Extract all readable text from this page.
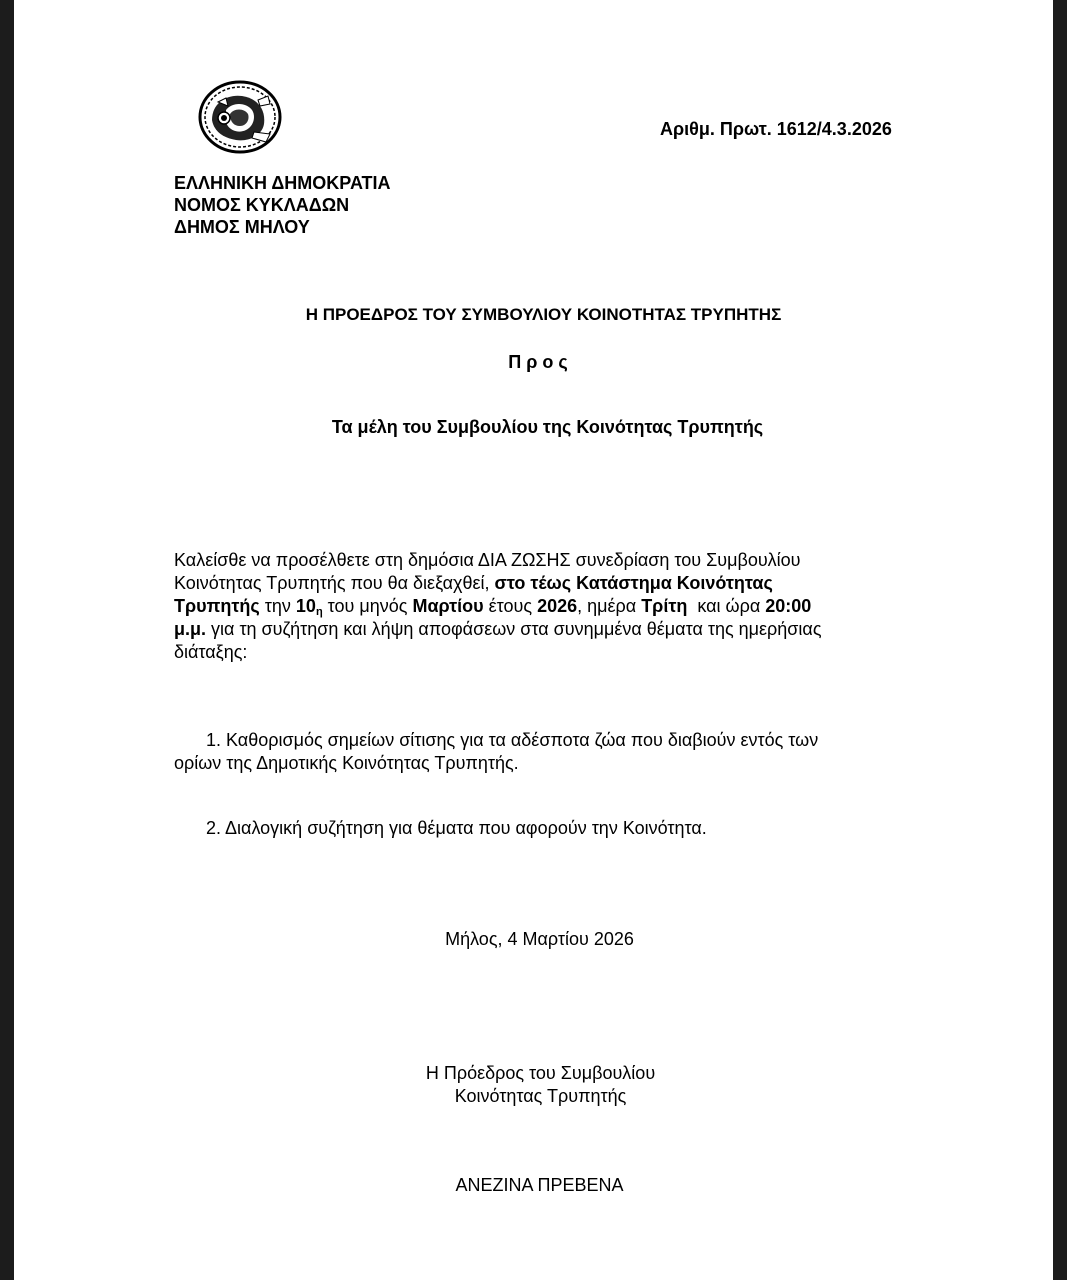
Αριθμ. Πρωτ. 1612/4.3.2026
ΕΛΛΗΝΙΚΗ ΔΗΜΟΚΡΑΤΙΑ
ΝΟΜΟΣ ΚΥΚΛΑΔΩΝ
ΔΗΜΟΣ ΜΗΛΟΥ
Η ΠΡΟΕΔΡΟΣ ΤΟΥ ΣΥΜΒΟΥΛΙΟΥ ΚΟΙΝΟΤΗΤΑΣ ΤΡΥΠΗΤΗΣ
Προς
Τα μέλη του Συμβουλίου της Κοινότητας Τρυπητής
Καλείσθε να προσέλθετε στη δημόσια ΔΙΑ ΖΩΣΗΣ συνεδρίαση του Συμβουλίου
Κοινότητας Τρυπητής που θα διεξαχθεί, στο τέως Κατάστημα Κοινότητας
Τρυπητής την $10_\eta$ του μηνός Μαρτίου έτους 2026, ημέρα Τρίτη  και ώρα 20:00
μ.μ. για τη συζήτηση και λήψη αποφάσεων στα συνημμένα θέματα της ημερήσιας
διάταξης:
1. Καθορισμός σημείων σίτισης για τα αδέσποτα ζώα που διαβιούν εντός των
ορίων της Δημοτικής Κοινότητας Τρυπητής.
2. Διαλογική συζήτηση για θέματα που αφορούν την Κοινότητα.
Μήλος, 4 Μαρτίου 2026
Η Πρόεδρος του Συμβουλίου
Κοινότητας Τρυπητής
ΑΝΕΖΙΝΑ ΠΡΕΒΕΝΑ
